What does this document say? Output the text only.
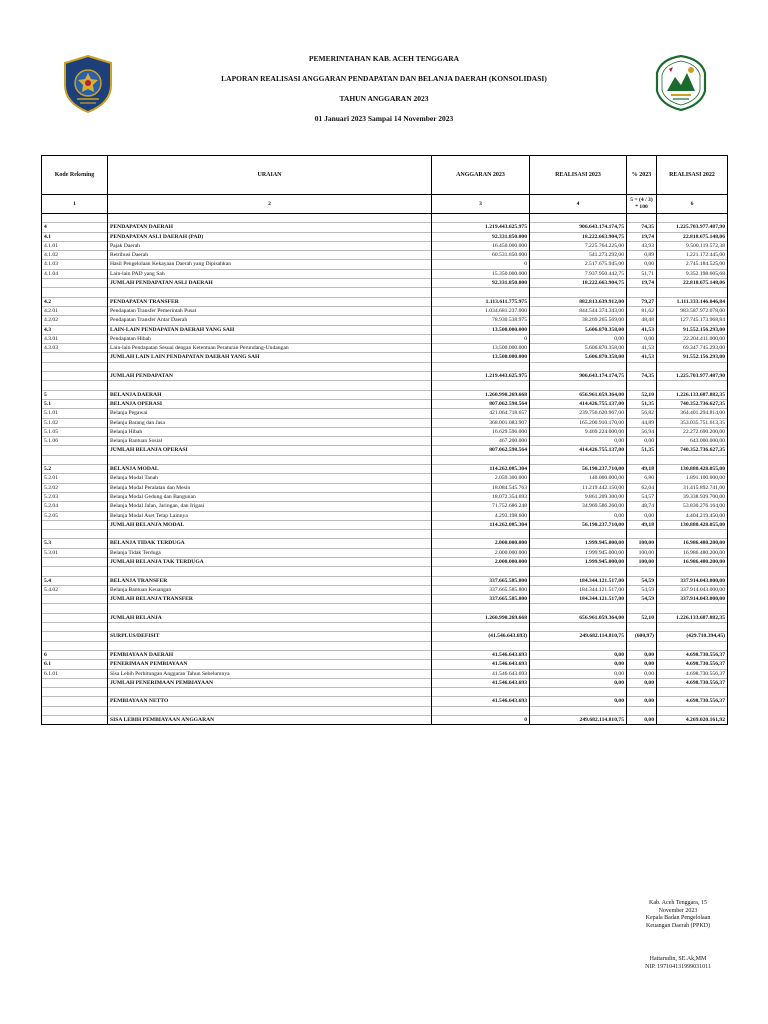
PEMERINTAHAN KAB. ACEH TENGGARA
LAPORAN REALISASI ANGGARAN PENDAPATAN DAN BELANJA DAERAH (KONSOLIDASI)
TAHUN ANGGARAN 2023
01 Januari 2023 Sampai 14 November 2023
Kode Rekening	URAIAN	ANGGARAN 2023	REALISASI 2023	% 2023	REALISASI 2022
1	2	3	4	5 = (4 / 3) * 100	6

4	PENDAPATAN DAERAH	1.219.443.625.975	906.643.174.174,75	74,35	1.225.703.977.487,90
4.1	PENDAPATAN ASLI DAERAH (PAD)	92.331.850.000	18.222.663.904,75	19,74	22.818.675.148,06
4.1.01	Pajak Daerah	16.450.000.000	7.225.764.225,00	43,93	9.500.119.572,38
4.1.02	Retribusi Daerah	60.531.850.000	541.273.292,00	0,89	1.221.172.445,00
4.1.03	Hasil Pengelolaan Kekayaan Daerah yang Dipisahkan	0	2.517.675.945,00	0,00	2.745.184.525,00
4.1.04	Lain-lain PAD yang Sah	15.350.000.000	7.937.950.442,75	51,71	9.352.198.605,68
	JUMLAH PENDAPATAN ASLI DAERAH	92.331.850.000	18.222.663.904,75	19,74	22.818.675.148,06

4.2	PENDAPATAN TRANSFER	1.113.611.775.975	882.813.639.912,00	79,27	1.111.333.146.046,84
4.2.01	Pendapatan Transfer Pemerintah Pusat	1.034.681.237.000	844.544.374.343,00	81,62	983.587.972.078,00
4.2.02	Pendapatan Transfer Antar Daerah	78.930.538.975	38.269.265.569,00	48,48	127.745.173.968,84
4.3	LAIN-LAIN PENDAPATAN DAERAH YANG SAH	13.500.000.000	5.606.870.358,00	41,53	91.552.156.293,00
4.3.01	Pendapatan Hibah	0	0,00	0,00	22.204.411.000,00
4.3.03	Lain-lain Pendapatan Sesuai dengan Ketentuan Peraturan Perundang-Undangan	13.500.000.000	5.606.870.358,00	41,53	69.347.745.293,00
	JUMLAH LAIN LAIN PENDAPATAN DAERAH YANG SAH	13.500.000.000	5.606.870.358,00	41,53	91.552.156.293,00

	JUMLAH PENDAPATAN	1.219.443.625.975	906.643.174.174,75	74,35	1.225.703.977.487,90

5	BELANJA DAERAH	1.260.990.269.668	656.961.059.364,00	52,10	1.226.133.687.882,35
5.1	BELANJA OPERASI	807.062.598.564	414.426.755.137,00	51,35	740.352.736.627,35
5.1.01	Belanja Pegawai	421.064.718.657	239.756.620.967,00	56,82	364.401.294.814,00
5.1.02	Belanja Barang dan Jasa	368.001.083.907	165.200.910.170,00	44,89	353.035.751.613,35
5.1.05	Belanja Hibah	16.629.596.000	9.469.224.000,00	56,94	22.272.690.200,00
5.1.06	Belanja Bantuan Sosial	467.200.000	0,00	0,00	643.000.000,00
	JUMLAH BELANJA OPERASI	807.062.598.564	414.426.755.137,00	51,35	740.352.736.627,35

5.2	BELANJA MODAL	114.262.085.304	56.190.237.710,00	49,18	130.880.428.055,00
5.2.01	Belanja Modal Tanah	2.059.300.000	140.000.000,00	6,80	1.891.100.000,00
5.2.02	Belanja Modal Peralatan dan Mesin	18.084.545.763	11.219.442.150,00	62,04	31.415.892.741,00
5.2.03	Belanja Modal Gedung dan Bangunan	18.072.354.693	9.861.209.300,00	54,57	39.338.939.700,00
5.2.04	Belanja Modal Jalan, Jaringan, dan Irigasi	71.752.686.248	34.969.586.260,00	48,74	53.830.276.164,00
5.2.05	Belanja Modal Aset Tetap Lainnya	4.293.198.600	0,00	0,00	4.404.219.450,00
	JUMLAH BELANJA MODAL	114.262.085.304	56.190.237.710,00	49,18	130.880.428.055,00

5.3	BELANJA TIDAK TERDUGA	2.000.000.000	1.999.945.000,00	100,00	16.986.480.200,00
5.3.01	Belanja Tidak Terduga	2.000.000.000	1.999.945.000,00	100,00	16.986.480.200,00
	JUMLAH BELANJA TAK TERDUGA	2.000.000.000	1.999.945.000,00	100,00	16.986.480.200,00

5.4	BELANJA TRANSFER	337.665.585.800	184.344.121.517,00	54,59	337.914.043.000,00
5.4.02	Belanja Bantuan Keuangan	337.665.585.800	184.344.121.517,00	54,59	337.914.043.000,00
	JUMLAH BELANJA TRANSFER	337.665.585.800	184.344.121.517,00	54,59	337.914.043.000,00

	JUMLAH BELANJA	1.260.990.269.668	656.961.059.364,00	52,10	1.226.133.687.882,35

	SURPLUS/DEFISIT	(41.546.643.693)	249.682.114.810,75	(600,97)	(429.710.394,45)

6	PEMBIAYAAN DAERAH	41.546.643.693	0,00	0,00	4.698.730.556,37
6.1	PENERIMAAN PEMBIAYAAN	41.546.643.693	0,00	0,00	4.698.730.556,37
6.1.01	Sisa Lebih Perhitungan Anggaran Tahun Sebelumnya	41.546.643.693	0,00	0,00	4.698.730.556,37
	JUMLAH PENERIMAAN PEMBIAYAAN	41.546.643.693	0,00	0,00	4.698.730.556,37

	PEMBIAYAAN NETTO	41.546.643.693	0,00	0,00	4.698.730.556,37

	SISA LEBIH PEMBIAYAAN ANGGARAN	0	249.682.114.810,75	0,00	4.269.020.161,92
Kab. Aceh Tenggara, 15
November 2023
Kepala Badan Pengelolaan
Keuangan Daerah (PPKD)
Hattarudin, SE.Ak,MM
NIP. 197104131999031011
